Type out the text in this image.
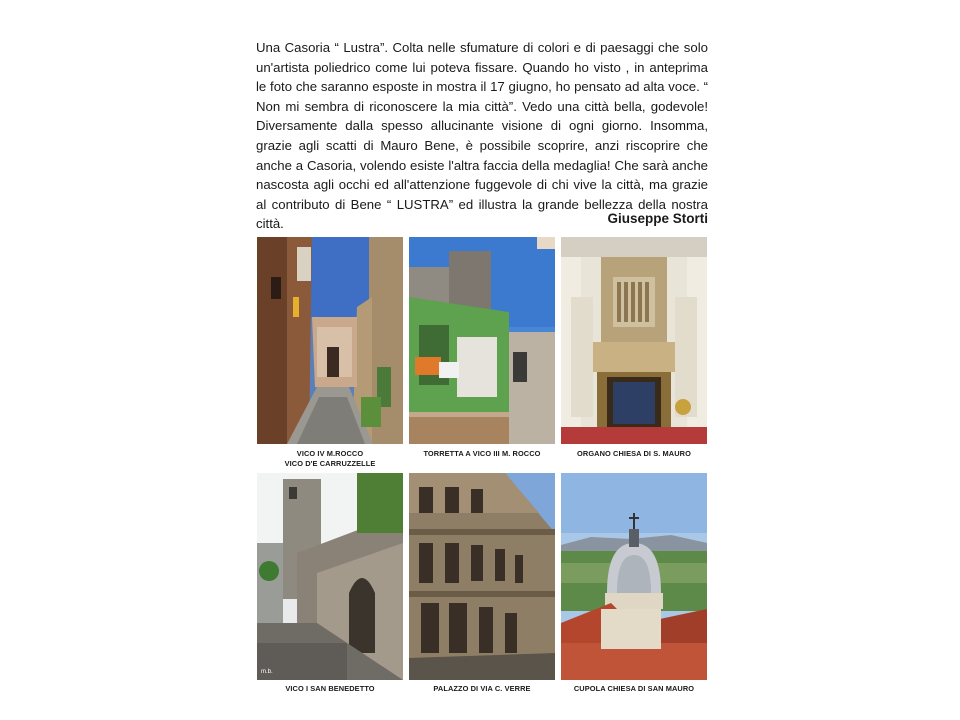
Una Casoria “ Lustra”. Colta nelle sfumature di colori e di paesaggi che solo un'artista poliedrico come lui poteva fissare. Quando ho visto , in anteprima le foto che saranno esposte in mostra il 17 giugno, ho pensato ad alta voce. “ Non mi sembra di riconoscere la mia città”. Vedo una città bella, godevole! Diversamente dalla spesso allucinante visione di ogni giorno. Insomma, grazie agli scatti di Mauro Bene, è possibile scoprire, anzi riscoprire che anche a Casoria, volendo esiste l'altra faccia della medaglia! Che sarà anche nascosta agli occhi ed all'attenzione fuggevole di chi vive la città, ma grazie al contributo di Bene “ LUSTRA” ed illustra la grande bellezza della nostra città.	Giuseppe Storti
VICO IV M.ROCCO
VICO D'E CARRUZZELLE
TORRETTA A VICO III M. ROCCO	ORGANO CHIESA DI S. MAURO
m.b.
VICO I SAN BENEDETTO	PALAZZO DI VIA C. VERRE	CUPOLA CHIESA DI SAN MAURO
